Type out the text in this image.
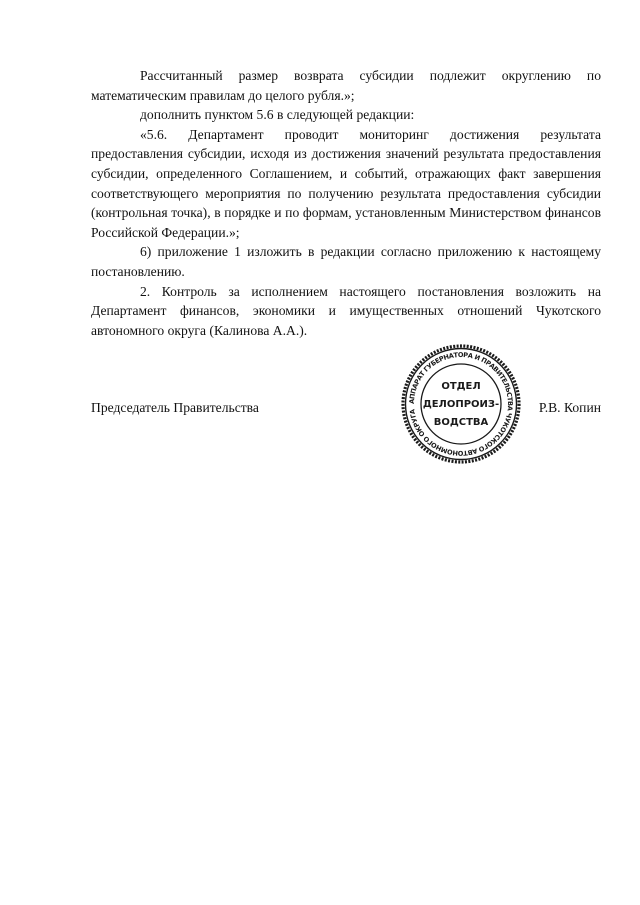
Рассчитанный размер возврата субсидии подлежит округлению по математическим правилам до целого рубля.»;

дополнить пунктом 5.6 в следующей редакции:

«5.6. Департамент проводит мониторинг достижения результата предоставления субсидии, исходя из достижения значений результата предоставления субсидии, определенного Соглашением, и событий, отражающих факт завершения соответствующего мероприятия по получению результата предоставления субсидии (контрольная точка), в порядке и по формам, установленным Министерством финансов Российской Федерации.»;

6) приложение 1 изложить в редакции согласно приложению к настоящему постановлению.

2. Контроль за исполнением настоящего постановления возложить на Департамент финансов, экономики и имущественных отношений Чукотского автономного округа (Калинова А.А.).

Председатель Правительства	Р.В. Копин
АППАРАТ ГУБЕРНАТОРА И ПРАВИТЕЛЬСТВА ЧУКОТСКОГО АВТОНОМНОГО ОКРУГА
ОТДЕЛ
ДЕЛОПРОИЗ-
ВОДСТВА
